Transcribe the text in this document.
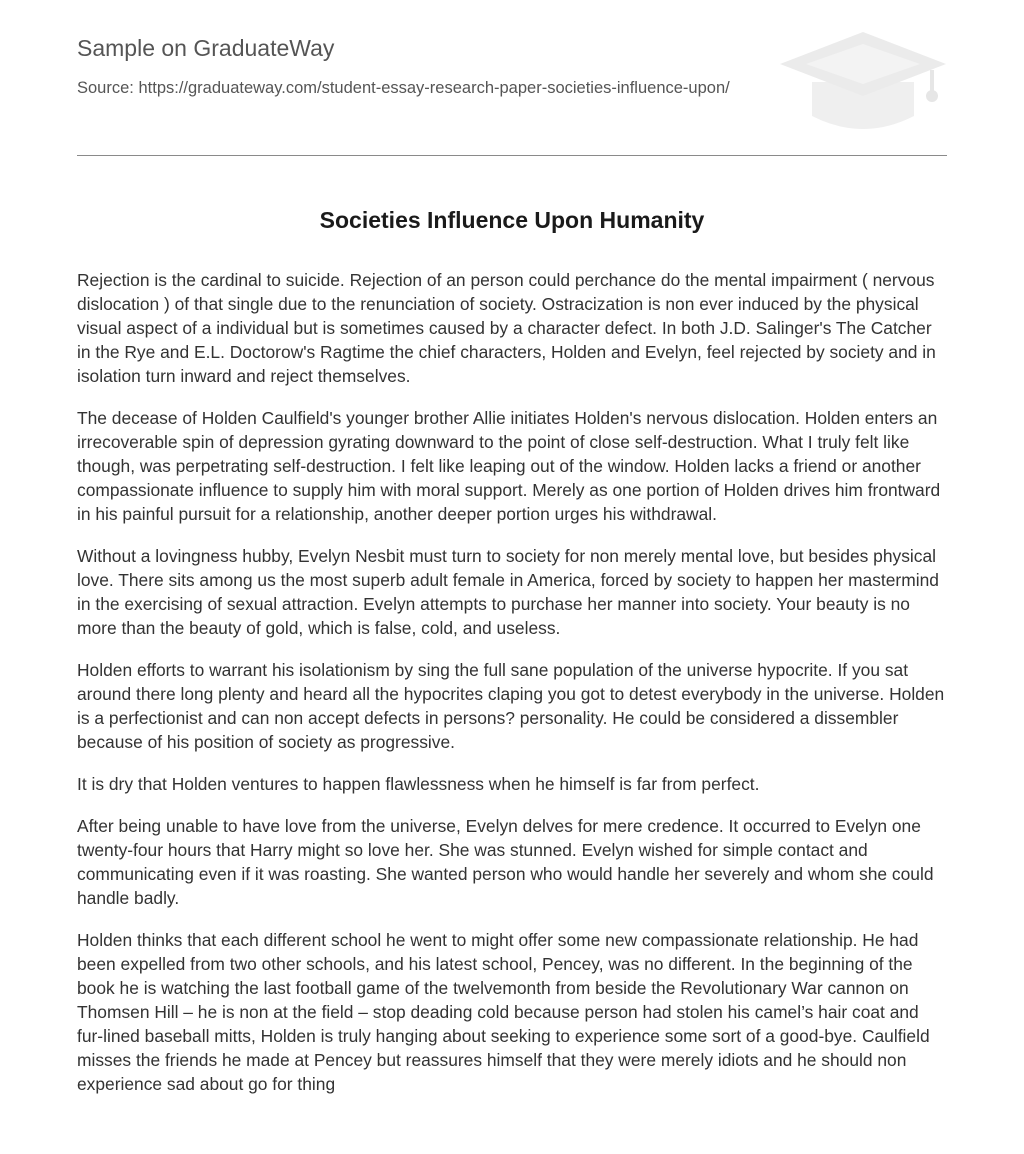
Sample on GraduateWay
Source: https://graduateway.com/student-essay-research-paper-societies-influence-upon/
Societies Influence Upon Humanity

Rejection is the cardinal to suicide. Rejection of an person could perchance do the mental impairment ( nervous dislocation ) of that single due to the renunciation of society. Ostracization is non ever induced by the physical visual aspect of a individual but is sometimes caused by a character defect. In both J.D. Salinger's The Catcher in the Rye and E.L. Doctorow's Ragtime the chief characters, Holden and Evelyn, feel rejected by society and in isolation turn inward and reject themselves.

The decease of Holden Caulfield's younger brother Allie initiates Holden's nervous dislocation. Holden enters an irrecoverable spin of depression gyrating downward to the point of close self-destruction. What I truly felt like though, was perpetrating self-destruction. I felt like leaping out of the window. Holden lacks a friend or another compassionate influence to supply him with moral support. Merely as one portion of Holden drives him frontward in his painful pursuit for a relationship, another deeper portion urges his withdrawal.

Without a lovingness hubby, Evelyn Nesbit must turn to society for non merely mental love, but besides physical love. There sits among us the most superb adult female in America, forced by society to happen her mastermind in the exercising of sexual attraction. Evelyn attempts to purchase her manner into society. Your beauty is no more than the beauty of gold, which is false, cold, and useless.

Holden efforts to warrant his isolationism by sing the full sane population of the universe hypocrite. If you sat around there long plenty and heard all the hypocrites claping you got to detest everybody in the universe. Holden is a perfectionist and can non accept defects in persons? personality. He could be considered a dissembler because of his position of society as progressive.

It is dry that Holden ventures to happen flawlessness when he himself is far from perfect.

After being unable to have love from the universe, Evelyn delves for mere credence. It occurred to Evelyn one twenty-four hours that Harry might so love her. She was stunned. Evelyn wished for simple contact and communicating even if it was roasting. She wanted person who would handle her severely and whom she could handle badly.

Holden thinks that each different school he went to might offer some new compassionate relationship. He had been expelled from two other schools, and his latest school, Pencey, was no different. In the beginning of the book he is watching the last football game of the twelvemonth from beside the Revolutionary War cannon on Thomsen Hill – he is non at the field – stop deading cold because person had stolen his camel’s hair coat and fur-lined baseball mitts, Holden is truly hanging about seeking to experience some sort of a good-bye. Caulfield misses the friends he made at Pencey but reassures himself that they were merely idiots and he should non experience sad about go for thing
